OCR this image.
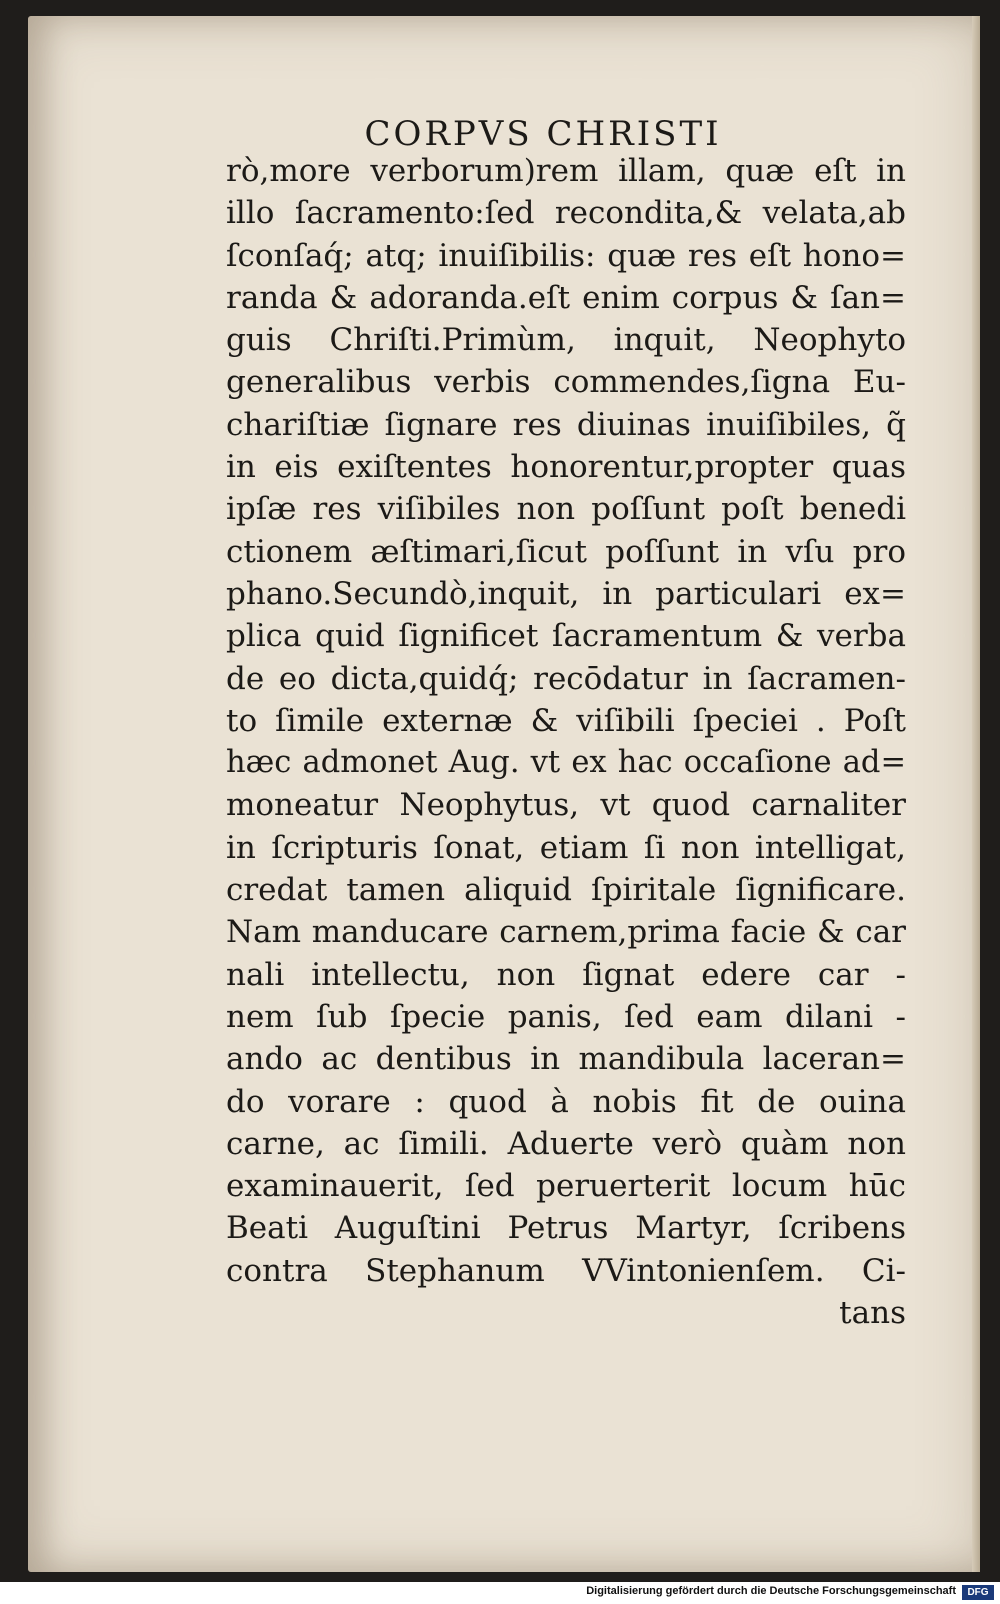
CORPVS CHRISTI
rò,more verborum)rem illam, quæ eſt in
illo ſacramento:ſed recondita,& velata,ab
ſconſaq́; atq; inuiſibilis: quæ res eſt hono=
randa & adoranda.eſt enim corpus & ſan=
guis Chriſti.Primùm, inquit, Neophyto
generalibus verbis commendes,ſigna Eu-
chariſtiæ ſignare res diuinas inuiſibiles, q̃
in eis exiſtentes honorentur,propter quas
ipſæ res viſibiles non poſſunt poſt benedi
ctionem æſtimari,ſicut poſſunt in vſu pro
phano.Secundò,inquit, in particulari ex=
plica quid ſignificet ſacramentum & verba
de eo dicta,quidq́; recōdatur in ſacramen-
to ſimile externæ & viſibili ſpeciei . Poſt
hæc admonet Aug. vt ex hac occaſione ad=
moneatur Neophytus, vt quod carnaliter
in ſcripturis ſonat, etiam ſi non intelligat,
credat tamen aliquid ſpiritale ſignificare.
Nam manducare carnem,prima facie & car
nali intellectu, non ſignat edere car -
nem ſub ſpecie panis, ſed eam dilani -
ando ac dentibus in mandibula laceran=
do vorare : quod à nobis fit de ouina
carne, ac ſimili. Aduerte verò quàm non
examinauerit, ſed peruerterit locum hūc
Beati Auguſtini Petrus Martyr, ſcribens
contra Stephanum VVintonienſem. Ci-
tans
Digitalisierung gefördert durch die Deutsche Forschungsgemeinschaft	DFG
